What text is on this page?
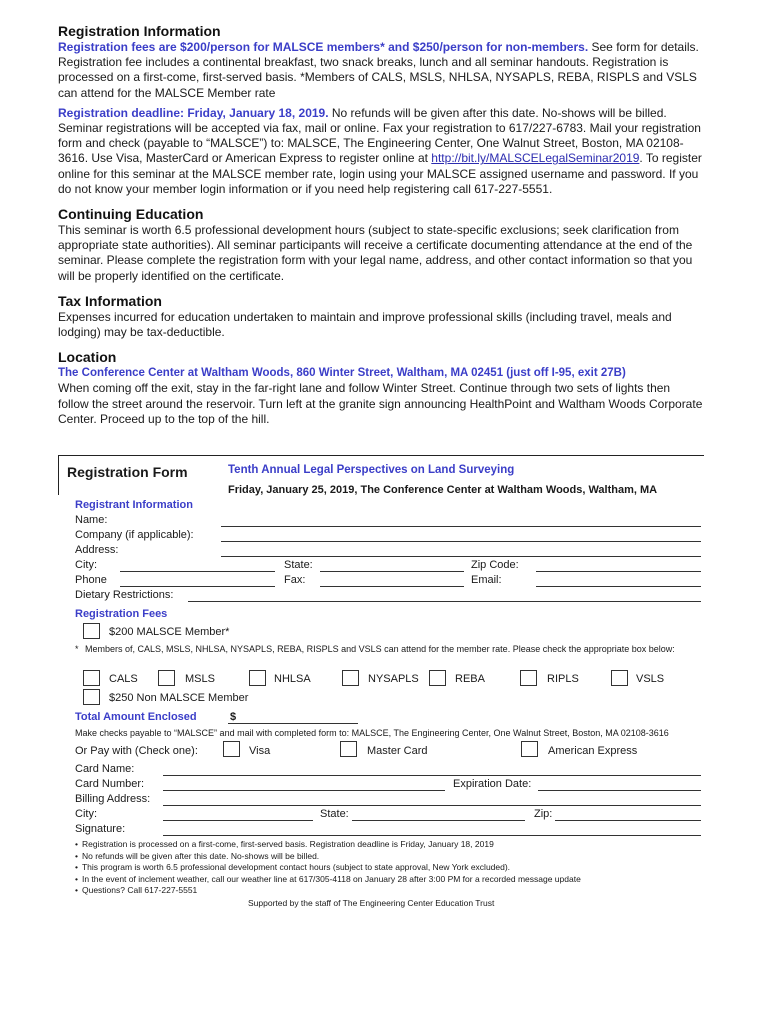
Registration Information

Registration fees are $200/person for MALSCE members* and $250/person for non-members. See form for details. Registration fee includes a continental breakfast, two snack breaks, lunch and all seminar handouts. Registration is processed on a first-come, first-served basis. *Members of CALS, MSLS, NHLSA, NYSAPLS, REBA, RISPLS and VSLS can attend for the MALSCE Member rate

Registration deadline: Friday, January 18, 2019. No refunds will be given after this date. No-shows will be billed. Seminar registrations will be accepted via fax, mail or online. Fax your registration to 617/227-6783. Mail your registration form and check (payable to “MALSCE”) to: MALSCE, The Engineering Center, One Walnut Street, Boston, MA 02108-3616. Use Visa, MasterCard or American Express to register online at http://bit.ly/MALSCELegalSeminar2019. To register online for this seminar at the MALSCE member rate, login using your MALSCE assigned username and password. If you do not know your member login information or if you need help registering call 617-227-5551.

Continuing Education

This seminar is worth 6.5 professional development hours (subject to state-specific exclusions; seek clarification from appropriate state authorities). All seminar participants will receive a certificate documenting attendance at the end of the seminar. Please complete the registration form with your legal name, address, and other contact information so that you will be properly identified on the certificate.

Tax Information

Expenses incurred for education undertaken to maintain and improve professional skills (including travel, meals and lodging) may be tax-deductible.

Location

The Conference Center at Waltham Woods, 860 Winter Street, Waltham, MA 02451 (just off I-95, exit 27B)

When coming off the exit, stay in the far-right lane and follow Winter Street. Continue through two sets of lights then follow the street around the reservoir. Turn left at the granite sign announcing HealthPoint and Waltham Woods Corporate Center. Proceed up to the top of the hill.

Registration Form	Tenth Annual Legal Perspectives on Land Surveying
Friday, January 25, 2019, The Conference Center at Waltham Woods, Waltham, MA
Registrant Information
Name:
Company (if applicable):
Address:
City:	State:	Zip Code:
Phone	Fax:	Email:
Dietary Restrictions:
Registration Fees
$200 MALSCE Member*
* Members of, CALS, MSLS, NHLSA, NYSAPLS, REBA, RISPLS and VSLS can attend for the member rate. Please check the appropriate box below:
CALS	MSLS	NHLSA	NYSAPLS	REBA	RIPLS	VSLS
$250 Non MALSCE Member
Total Amount Enclosed	$
Make checks payable to “MALSCE” and mail with completed form to: MALSCE, The Engineering Center, One Walnut Street, Boston, MA 02108-3616
Or Pay with (Check one):	Visa	Master Card	American Express
Card Name:
Card Number:	Expiration Date:
Billing Address:
City:	State:	Zip:
Signature:
• Registration is processed on a first-come, first-served basis. Registration deadline is Friday, January 18, 2019
• No refunds will be given after this date. No-shows will be billed.
• This program is worth 6.5 professional development contact hours (subject to state approval, New York excluded).
• In the event of inclement weather, call our weather line at 617/305-4118 on January 28 after 3:00 PM for a recorded message update
• Questions? Call 617-227-5551
Supported by the staff of The Engineering Center Education Trust
